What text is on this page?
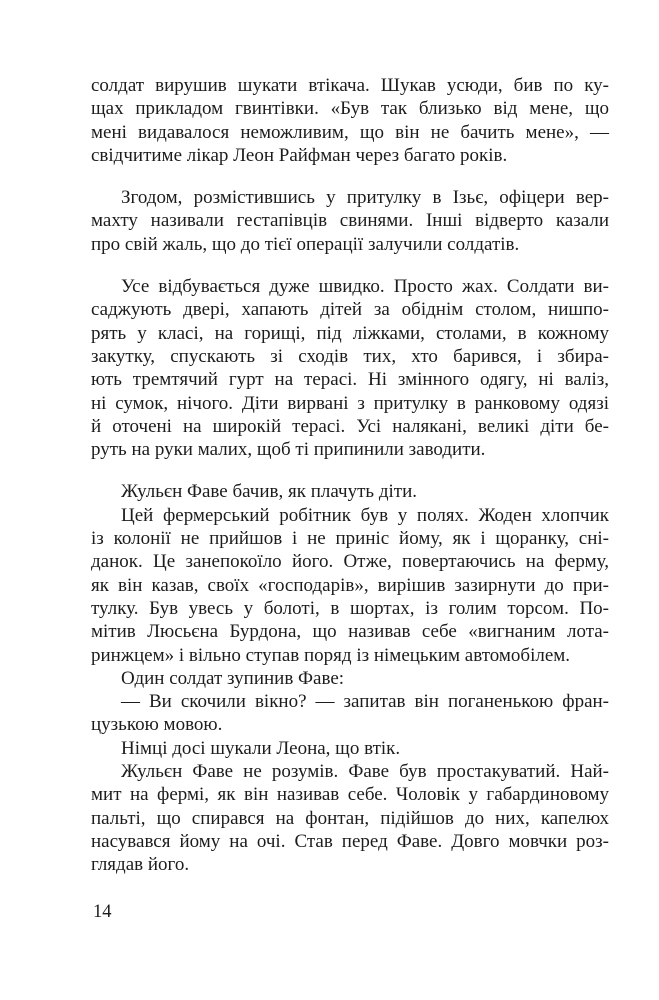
солдат вирушив шукати втікача. Шукав усюди, бив по ку-
щах прикладом гвинтівки. «Був так близько від мене, що
мені видавалося неможливим, що він не бачить мене», —
свідчитиме лікар Леон Райфман через багато років.

Згодом, розмістившись у притулку в Ізьє, офіцери вер-
махту називали гестапівців свинями. Інші відверто казали
про свій жаль, що до тієї операції залучили солдатів.

Усе відбувається дуже швидко. Просто жах. Солдати ви-
саджують двері, хапають дітей за обіднім столом, нишпо-
рять у класі, на горищі, під ліжками, столами, в кожному
закутку, спускають зі сходів тих, хто барився, і збира-
ють тремтячий гурт на терасі. Ні змінного одягу, ні валіз,
ні сумок, нічого. Діти вирвані з притулку в ранковому одязі
й оточені на широкій терасі. Усі налякані, великі діти бе-
руть на руки малих, щоб ті припинили заводити.

Жульєн Фаве бачив, як плачуть діти.

Цей фермерський робітник був у полях. Жоден хлопчик
із колонії не прийшов і не приніс йому, як і щоранку, сні-
данок. Це занепокоїло його. Отже, повертаючись на ферму,
як він казав, своїх «господарів», вирішив зазирнути до при-
тулку. Був увесь у болоті, в шортах, із голим торсом. По-
мітив Люсьєна Бурдона, що називав себе «вигнаним лота-
ринжцем» і вільно ступав поряд із німецьким автомобілем.

Один солдат зупинив Фаве:

— Ви скочили вікно? — запитав він поганенькою фран-
цузькою мовою.

Німці досі шукали Леона, що втік.

Жульєн Фаве не розумів. Фаве був простакуватий. Най-
мит на фермі, як він називав себе. Чоловік у габардиновому
пальті, що спирався на фонтан, підійшов до них, капелюх
насувався йому на очі. Став перед Фаве. Довго мовчки роз-
глядав його.

14
